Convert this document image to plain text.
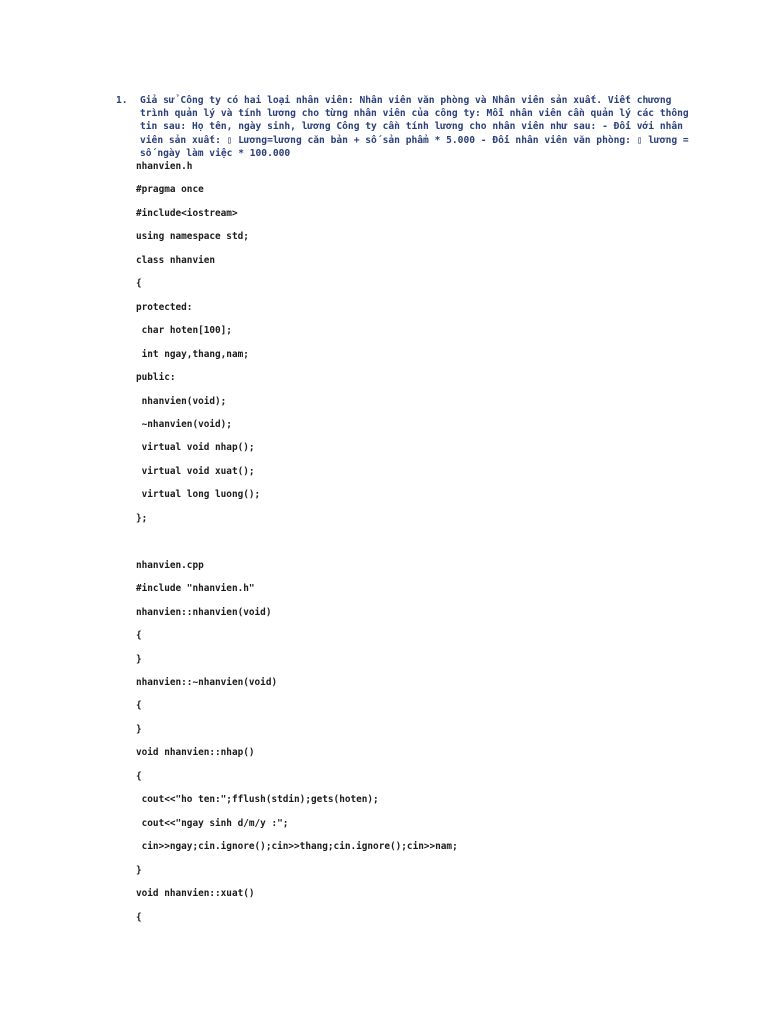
1.	Giả sử Công ty có hai loại nhân viên: Nhân viên văn phòng và Nhân viên sản xuất. Viết chương
trình quản lý và tính lương cho từng nhân viên của công ty: Mỗi nhân viên cần quản lý các thông
tin sau: Họ tên, ngày sinh, lương Công ty cần tính lương cho nhân viên như sau: - Đối với nhân
viên sản xuất: ▯ Lương=lương căn bản + số sản phẩm * 5.000 - Đối nhân viên văn phòng: ▯ lương =
số ngày làm việc * 100.000
nhanvien.h
#pragma once
#include<iostream>
using namespace std;
class nhanvien
{
protected:
char hoten[100];
int ngay,thang,nam;
public:
nhanvien(void);
~nhanvien(void);
virtual void nhap();
virtual void xuat();
virtual long luong();
};
nhanvien.cpp
#include "nhanvien.h"
nhanvien::nhanvien(void)
{
}
nhanvien::~nhanvien(void)
{
}
void nhanvien::nhap()
{
cout<<"ho ten:";fflush(stdin);gets(hoten);
cout<<"ngay sinh d/m/y :";
cin>>ngay;cin.ignore();cin>>thang;cin.ignore();cin>>nam;
}
void nhanvien::xuat()
{
